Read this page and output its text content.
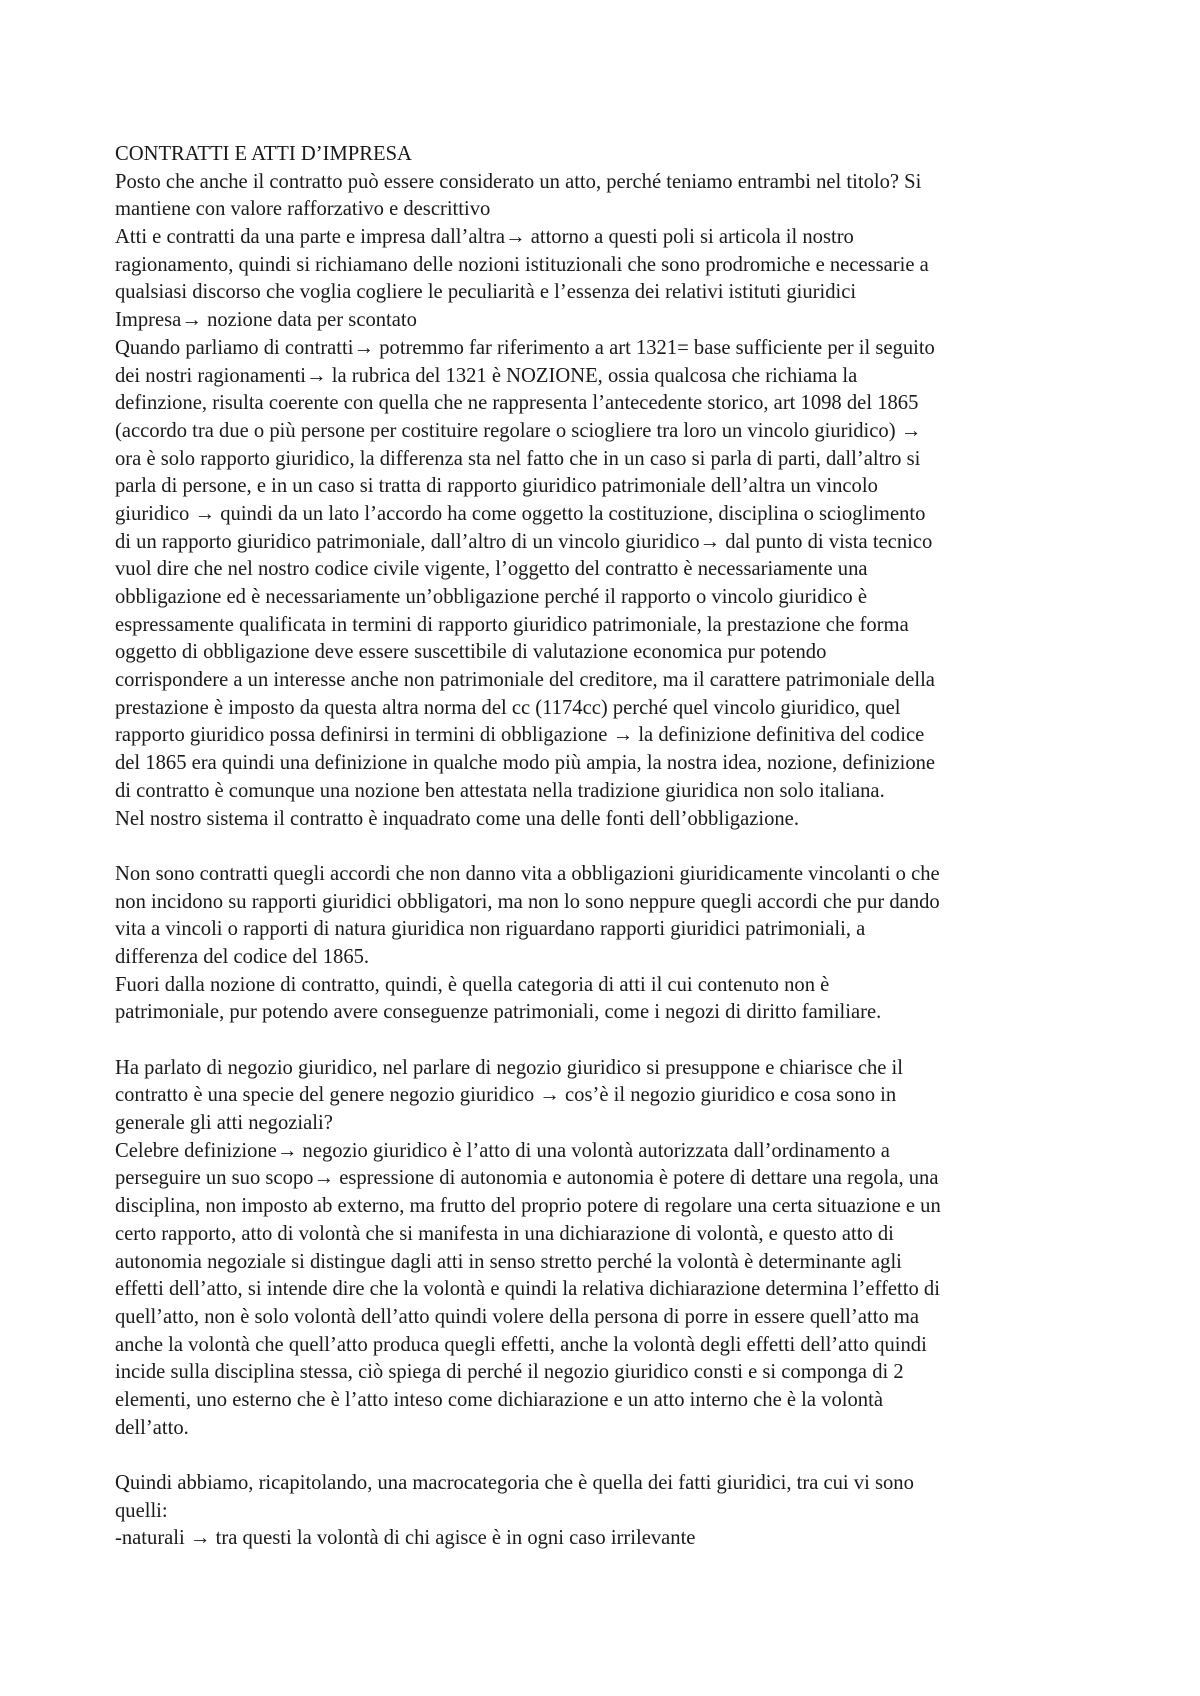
CONTRATTI E ATTI D’IMPRESA
Posto che anche il contratto può essere considerato un atto, perché teniamo entrambi nel titolo? Si
mantiene con valore rafforzativo e descrittivo
Atti e contratti da una parte e impresa dall’altra→ attorno a questi poli si articola il nostro
ragionamento, quindi si richiamano delle nozioni istituzionali che sono prodromiche e necessarie a
qualsiasi discorso che voglia cogliere le peculiarità e l’essenza dei relativi istituti giuridici
Impresa→ nozione data per scontato
Quando parliamo di contratti→ potremmo far riferimento a art 1321= base sufficiente per il seguito
dei nostri ragionamenti→ la rubrica del 1321 è NOZIONE, ossia qualcosa che richiama la
definzione, risulta coerente con quella che ne rappresenta l’antecedente storico, art 1098 del 1865
(accordo tra due o più persone per costituire regolare o sciogliere tra loro un vincolo giuridico) →
ora è solo rapporto giuridico, la differenza sta nel fatto che in un caso si parla di parti, dall’altro si
parla di persone, e in un caso si tratta di rapporto giuridico patrimoniale dell’altra un vincolo
giuridico → quindi da un lato l’accordo ha come oggetto la costituzione, disciplina o scioglimento
di un rapporto giuridico patrimoniale, dall’altro di un vincolo giuridico→ dal punto di vista tecnico
vuol dire che nel nostro codice civile vigente, l’oggetto del contratto è necessariamente una
obbligazione ed è necessariamente un’obbligazione perché il rapporto o vincolo giuridico è
espressamente qualificata in termini di rapporto giuridico patrimoniale, la prestazione che forma
oggetto di obbligazione deve essere suscettibile di valutazione economica pur potendo
corrispondere a un interesse anche non patrimoniale del creditore, ma il carattere patrimoniale della
prestazione è imposto da questa altra norma del cc (1174cc) perché quel vincolo giuridico, quel
rapporto giuridico possa definirsi in termini di obbligazione → la definizione definitiva del codice
del 1865 era quindi una definizione in qualche modo più ampia, la nostra idea, nozione, definizione
di contratto è comunque una nozione ben attestata nella tradizione giuridica non solo italiana.
Nel nostro sistema il contratto è inquadrato come una delle fonti dell’obbligazione.
Non sono contratti quegli accordi che non danno vita a obbligazioni giuridicamente vincolanti o che
non incidono su rapporti giuridici obbligatori, ma non lo sono neppure quegli accordi che pur dando
vita a vincoli o rapporti di natura giuridica non riguardano rapporti giuridici patrimoniali, a
differenza del codice del 1865.
Fuori dalla nozione di contratto, quindi, è quella categoria di atti il cui contenuto non è
patrimoniale, pur potendo avere conseguenze patrimoniali, come i negozi di diritto familiare.
Ha parlato di negozio giuridico, nel parlare di negozio giuridico si presuppone e chiarisce che il
contratto è una specie del genere negozio giuridico → cos’è il negozio giuridico e cosa sono in
generale gli atti negoziali?
Celebre definizione→ negozio giuridico è l’atto di una volontà autorizzata dall’ordinamento a
perseguire un suo scopo→ espressione di autonomia e autonomia è potere di dettare una regola, una
disciplina, non imposto ab externo, ma frutto del proprio potere di regolare una certa situazione e un
certo rapporto, atto di volontà che si manifesta in una dichiarazione di volontà, e questo atto di
autonomia negoziale si distingue dagli atti in senso stretto perché la volontà è determinante agli
effetti dell’atto, si intende dire che la volontà e quindi la relativa dichiarazione determina l’effetto di
quell’atto, non è solo volontà dell’atto quindi volere della persona di porre in essere quell’atto ma
anche la volontà che quell’atto produca quegli effetti, anche la volontà degli effetti dell’atto quindi
incide sulla disciplina stessa, ciò spiega di perché il negozio giuridico consti e si componga di 2
elementi, uno esterno che è l’atto inteso come dichiarazione e un atto interno che è la volontà
dell’atto.
Quindi abbiamo, ricapitolando, una macrocategoria che è quella dei fatti giuridici, tra cui vi sono
quelli:
-naturali → tra questi la volontà di chi agisce è in ogni caso irrilevante
